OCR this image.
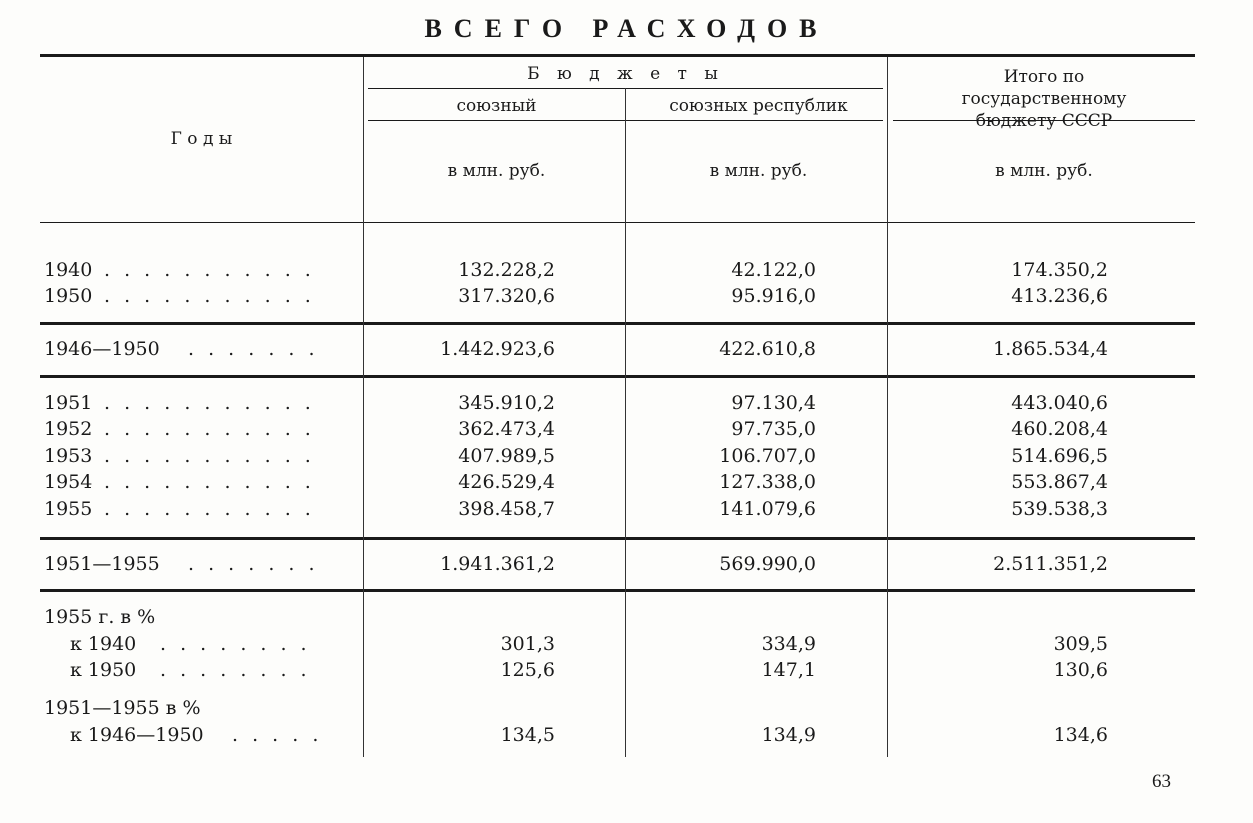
ВСЕГО РАСХОДОВ
Г о д ы
Б ю д ж е т ы
союзный	союзных республик
Итого по государственному бюджету СССР
в млн. руб.	в млн. руб.	в млн. руб.
1940 . . . . . . . . . . .	132.228,2	42.122,0	174.350,2
1950 . . . . . . . . . . .	317.320,6	95.916,0	413.236,6
1946—1950 . . . . . . .	1.442.923,6	422.610,8	1.865.534,4
1951 . . . . . . . . . . .	345.910,2	97.130,4	443.040,6
1952 . . . . . . . . . . .	362.473,4	97.735,0	460.208,4
1953 . . . . . . . . . . .	407.989,5	106.707,0	514.696,5
1954 . . . . . . . . . . .	426.529,4	127.338,0	553.867,4
1955 . . . . . . . . . . .	398.458,7	141.079,6	539.538,3
1951—1955 . . . . . . .	1.941.361,2	569.990,0	2.511.351,2
1955 г. в %
к 1940 . . . . . . . .	301,3	334,9	309,5
к 1950 . . . . . . . .	125,6	147,1	130,6
1951—1955 в %
к 1946—1950 . . . . .	134,5	134,9	134,6
63
